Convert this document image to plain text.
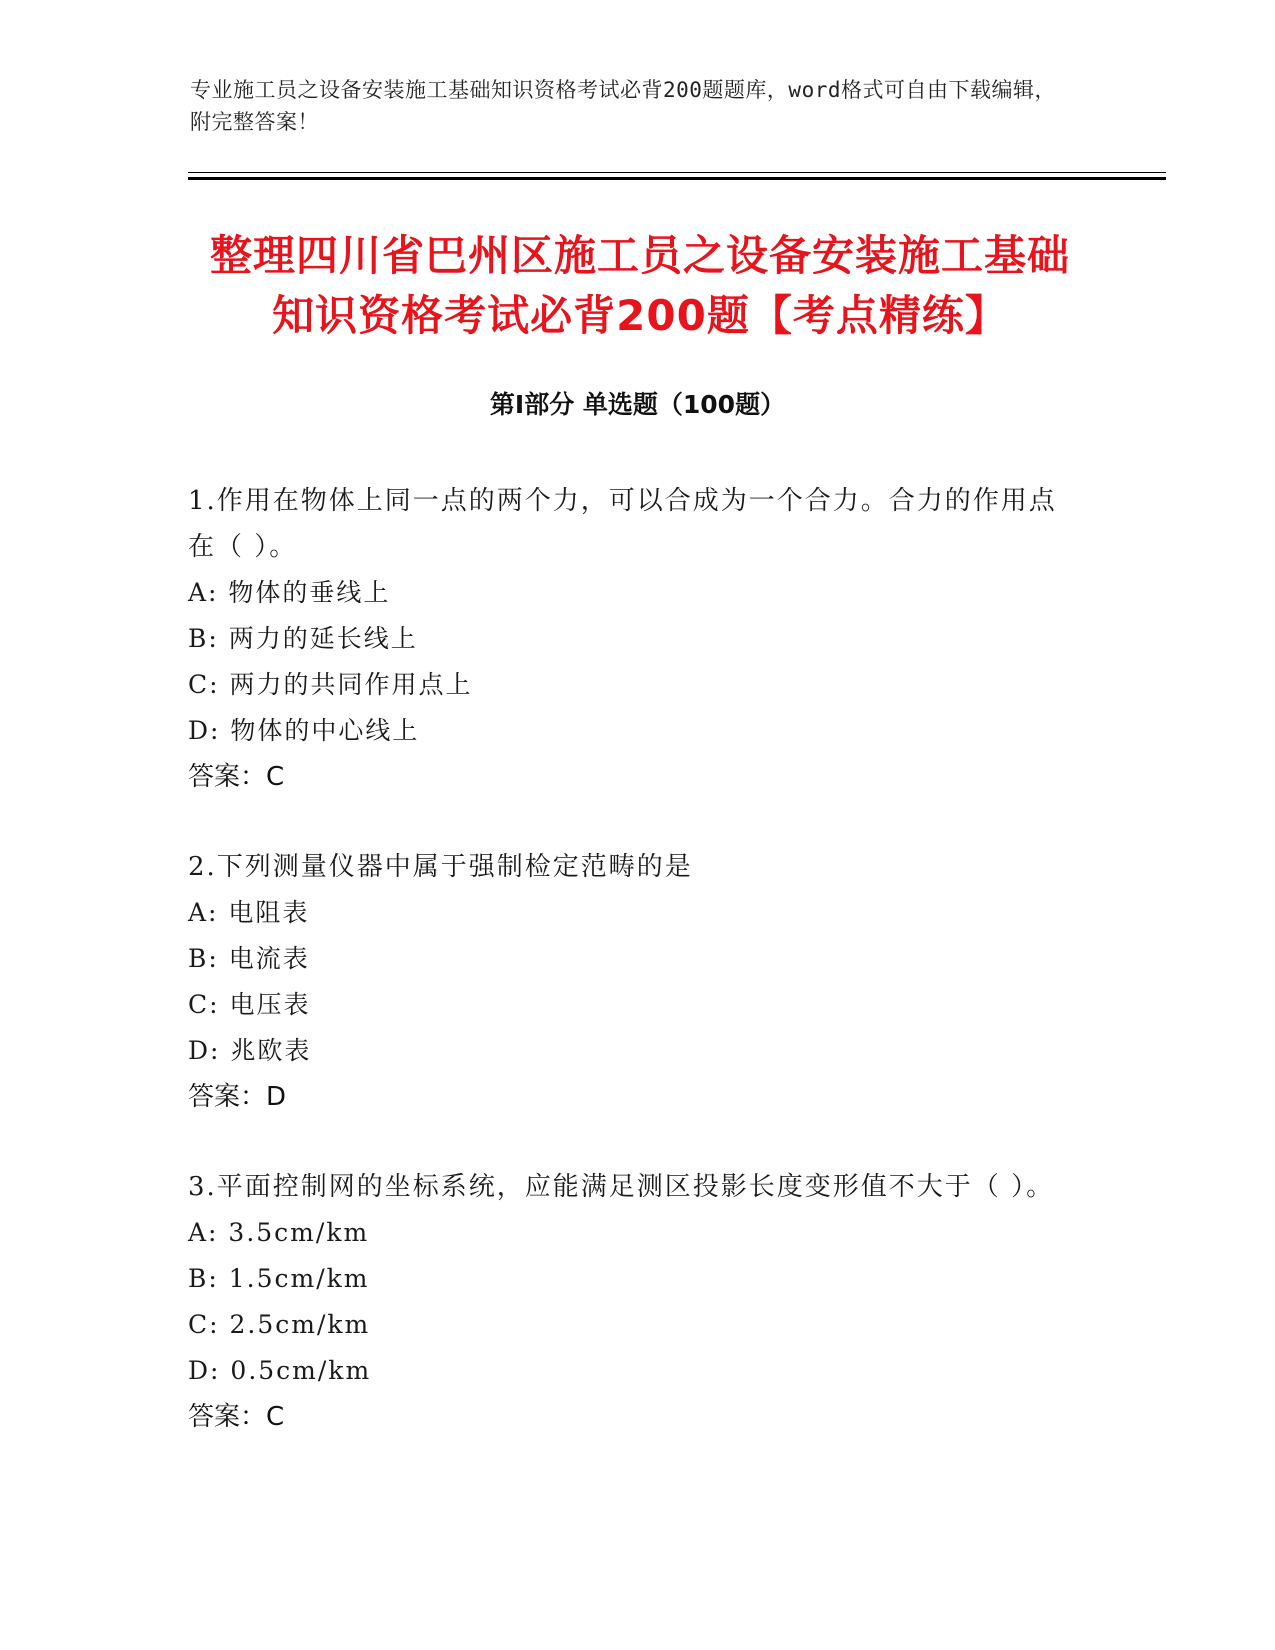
专业施工员之设备安装施工基础知识资格考试必背200题题库，word格式可自由下载编辑，附完整答案！
整理四川省巴州区施工员之设备安装施工基础知识资格考试必背200题【考点精练】
第Ⅰ部分 单选题（100题）
1.作用在物体上同一点的两个力，可以合成为一个合力。合力的作用点在（ ）。
A: 物体的垂线上
B: 两力的延长线上
C: 两力的共同作用点上
D: 物体的中心线上
答案：C
2.下列测量仪器中属于强制检定范畴的是
A: 电阻表
B: 电流表
C: 电压表
D: 兆欧表
答案：D
3.平面控制网的坐标系统，应能满足测区投影长度变形值不大于（ ）。
A: 3.5cm/km
B: 1.5cm/km
C: 2.5cm/km
D: 0.5cm/km
答案：C
